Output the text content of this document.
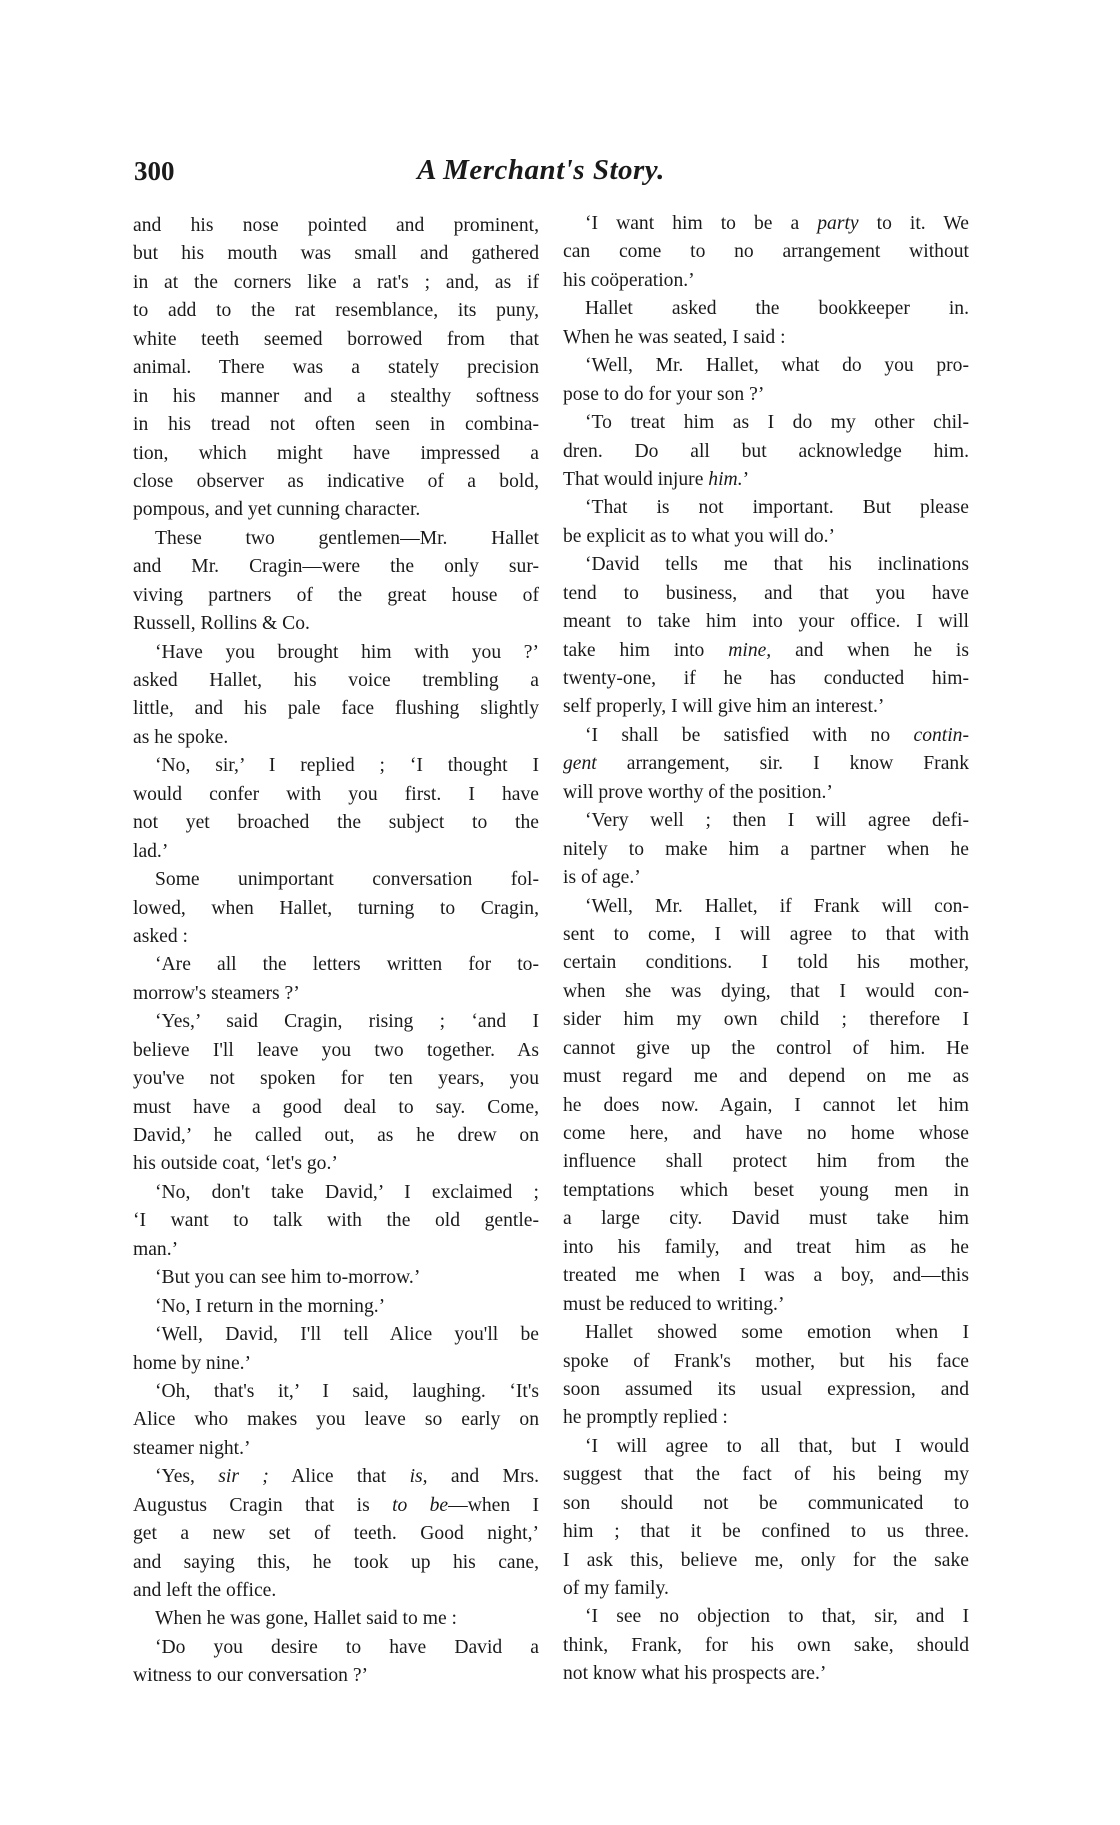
300	A Merchant's Story.
and his nose pointed and prominent,
but his mouth was small and gathered
in at the corners like a rat's ; and, as if
to add to the rat resemblance, its puny,
white teeth seemed borrowed from that
animal. There was a stately precision
in his manner and a stealthy softness
in his tread not often seen in combina-
tion, which might have impressed a
close observer as indicative of a bold,
pompous, and yet cunning character.
These two gentlemen—Mr. Hallet
and Mr. Cragin—were the only sur-
viving partners of the great house of
Russell, Rollins & Co.
‘Have you brought him with you ?’
asked Hallet, his voice trembling a
little, and his pale face flushing slightly
as he spoke.
‘No, sir,’ I replied ; ‘I thought I
would confer with you first. I have
not yet broached the subject to the
lad.’
Some unimportant conversation fol-
lowed, when Hallet, turning to Cragin,
asked :
‘Are all the letters written for to-
morrow's steamers ?’
‘Yes,’ said Cragin, rising ; ‘and I
believe I'll leave you two together. As
you've not spoken for ten years, you
must have a good deal to say. Come,
David,’ he called out, as he drew on
his outside coat, ‘let's go.’
‘No, don't take David,’ I exclaimed ;
‘I want to talk with the old gentle-
man.’
‘But you can see him to-morrow.’
‘No, I return in the morning.’
‘Well, David, I'll tell Alice you'll be
home by nine.’
‘Oh, that's it,’ I said, laughing. ‘It's
Alice who makes you leave so early on
steamer night.’
‘Yes, sir ; Alice that is, and Mrs.
Augustus Cragin that is to be—when I
get a new set of teeth. Good night,’
and saying this, he took up his cane,
and left the office.
When he was gone, Hallet said to me :
‘Do you desire to have David a
witness to our conversation ?’
‘I want him to be a party to it. We
can come to no arrangement without
his coöperation.’
Hallet asked the bookkeeper in.
When he was seated, I said :
‘Well, Mr. Hallet, what do you pro-
pose to do for your son ?’
‘To treat him as I do my other chil-
dren. Do all but acknowledge him.
That would injure him.’
‘That is not important. But please
be explicit as to what you will do.’
‘David tells me that his inclinations
tend to business, and that you have
meant to take him into your office. I will
take him into mine, and when he is
twenty-one, if he has conducted him-
self properly, I will give him an interest.’
‘I shall be satisfied with no contin-
gent arrangement, sir. I know Frank
will prove worthy of the position.’
‘Very well ; then I will agree defi-
nitely to make him a partner when he
is of age.’
‘Well, Mr. Hallet, if Frank will con-
sent to come, I will agree to that with
certain conditions. I told his mother,
when she was dying, that I would con-
sider him my own child ; therefore I
cannot give up the control of him. He
must regard me and depend on me as
he does now. Again, I cannot let him
come here, and have no home whose
influence shall protect him from the
temptations which beset young men in
a large city. David must take him
into his family, and treat him as he
treated me when I was a boy, and—this
must be reduced to writing.’
Hallet showed some emotion when I
spoke of Frank's mother, but his face
soon assumed its usual expression, and
he promptly replied :
‘I will agree to all that, but I would
suggest that the fact of his being my
son should not be communicated to
him ; that it be confined to us three.
I ask this, believe me, only for the sake
of my family.
‘I see no objection to that, sir, and I
think, Frank, for his own sake, should
not know what his prospects are.’
